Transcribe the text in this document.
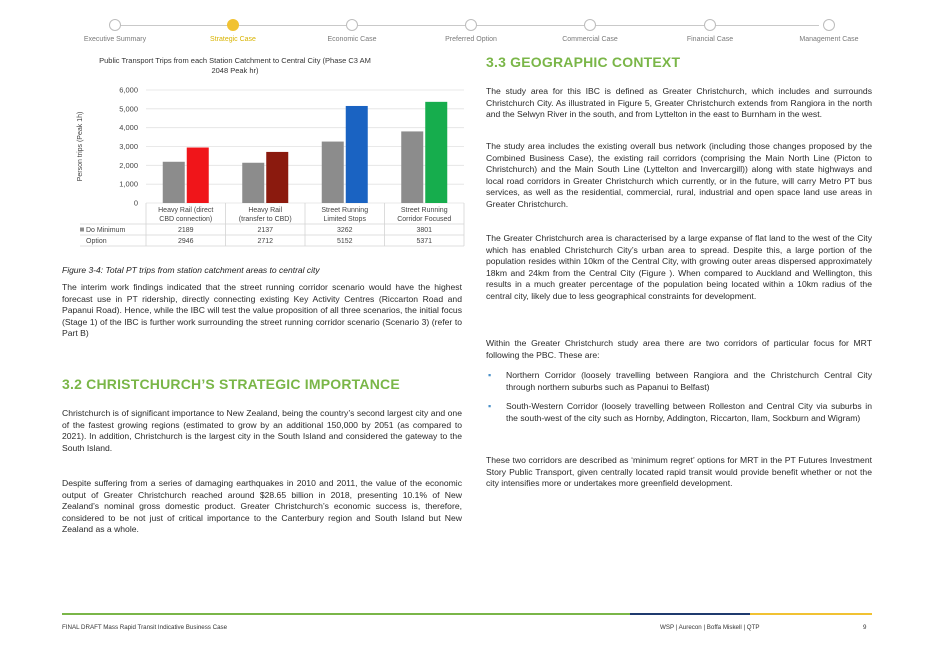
Executive Summary	Strategic Case	Economic Case	Preferred Option	Commercial Case	Financial Case	Management Case
Public Transport Trips from each Station Catchment to Central City (Phase C3 AM 2048 Peak hr)
0
1,000
2,000
3,000
4,000
5,000
6,000
Person trips (Peak 1h)
Heavy Rail (direct
CBD connection)
Heavy Rail
(transfer to CBD)
Street Running
Limited Stops
Street Running
Corridor Focused
Do Minimum	2189	2137	3262	3801
Option	2946	2712	5152	5371
Figure 3-4: Total PT trips from station catchment areas to central city

The interim work findings indicated that the street running corridor scenario would have the highest forecast use in PT ridership, directly connecting existing Key Activity Centres (Riccarton Road and Papanui Road). Hence, while the IBC will test the value proposition of all three scenarios, the initial focus (Stage 1) of the IBC is further work surrounding the street running corridor scenario (Scenario 3) (refer to Part B)

3.2 CHRISTCHURCH’S STRATEGIC IMPORTANCE

Christchurch is of significant importance to New Zealand, being the country’s second largest city and one of the fastest growing regions (estimated to grow by an additional 150,000 by 2051 (as compared to 2021). In addition, Christchurch is the largest city in the South Island and considered the gateway to the South Island.

Despite suffering from a series of damaging earthquakes in 2010 and 2011, the value of the economic output of Greater Christchurch reached around $28.65 billion in 2018, presenting 10.1% of New Zealand’s nominal gross domestic product. Greater Christchurch’s economic success is, therefore, considered to be not just of critical importance to the Canterbury region and South Island but New Zealand as a whole.

3.3 GEOGRAPHIC CONTEXT

The study area for this IBC is defined as Greater Christchurch, which includes and surrounds Christchurch City. As illustrated in Figure 5, Greater Christchurch extends from Rangiora in the north and the Selwyn River in the south, and from Lyttelton in the east to Burnham in the west.

The study area includes the existing overall bus network (including those changes proposed by the Combined Business Case), the existing rail corridors (comprising the Main North Line (Picton to Christchurch) and the Main South Line (Lyttelton and Invercargill)) along with state highways and local road corridors in Greater Christchurch which currently, or in the future, will carry Metro PT bus services, as well as the residential, commercial, rural, industrial and open space land use areas in Greater Christchurch.

The Greater Christchurch area is characterised by a large expanse of flat land to the west of the City which has enabled Christchurch City’s urban area to spread. Despite this, a large portion of the population resides within 10km of the Central City, with growing outer areas dispersed approximately 18km and 24km from the Central City (Figure ). When compared to Auckland and Wellington, this results in a much greater percentage of the population being located within a 10km radius of the central city, likely due to less geographical constraints for development.

Within the Greater Christchurch study area there are two corridors of particular focus for MRT following the PBC. These are:

▪ Northern Corridor (loosely travelling between Rangiora and the Christchurch Central City through northern suburbs such as Papanui to Belfast)
▪ South-Western Corridor (loosely travelling between Rolleston and Central City via suburbs in the south-west of the city such as Hornby, Addington, Riccarton, Ilam, Sockburn and Wigram)

These two corridors are described as ‘minimum regret’ options for MRT in the PT Futures Investment Story Public Transport, given centrally located rapid transit would provide benefit whether or not the city intensifies more or undertakes more greenfield development.

FINAL DRAFT Mass Rapid Transit Indicative Business Case	WSP | Aurecon | Boffa Miskell | QTP	9
